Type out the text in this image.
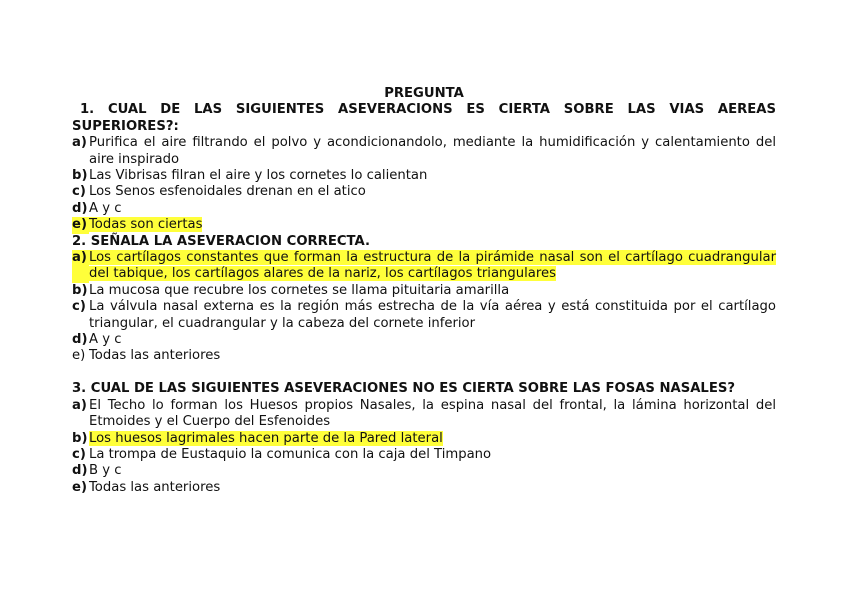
PREGUNTA
1. CUAL DE LAS SIGUIENTES ASEVERACIONS ES CIERTA SOBRE LAS VIAS AEREAS SUPERIORES?:
a) Purifica el aire filtrando el polvo y acondicionandolo, mediante la humidificación y calentamiento del aire inspirado
b) Las Vibrisas filran el aire y los cornetes lo calientan
c) Los Senos esfenoidales drenan en el atico
d) A y c
e) Todas son ciertas
2. SEÑALA LA ASEVERACION CORRECTA.
a) Los cartílagos constantes que forman la estructura de la pirámide nasal son el cartílago cuadrangular del tabique, los cartílagos alares de la nariz, los cartílagos triangulares
b) La mucosa que recubre los cornetes se llama pituitaria amarilla
c) La válvula nasal externa es la región más estrecha de la vía aérea y está constituida por el cartílago triangular, el cuadrangular y la cabeza del cornete inferior
d) A y c
e) Todas las anteriores
3. CUAL DE LAS SIGUIENTES ASEVERACIONES NO ES CIERTA SOBRE LAS FOSAS NASALES?
a) El Techo lo forman los Huesos propios Nasales, la espina nasal del frontal, la lámina horizontal del Etmoides y el Cuerpo del Esfenoides
b) Los huesos lagrimales hacen parte de la Pared lateral
c) La trompa de Eustaquio la comunica con la caja del Timpano
d) B y c
e) Todas las anteriores
